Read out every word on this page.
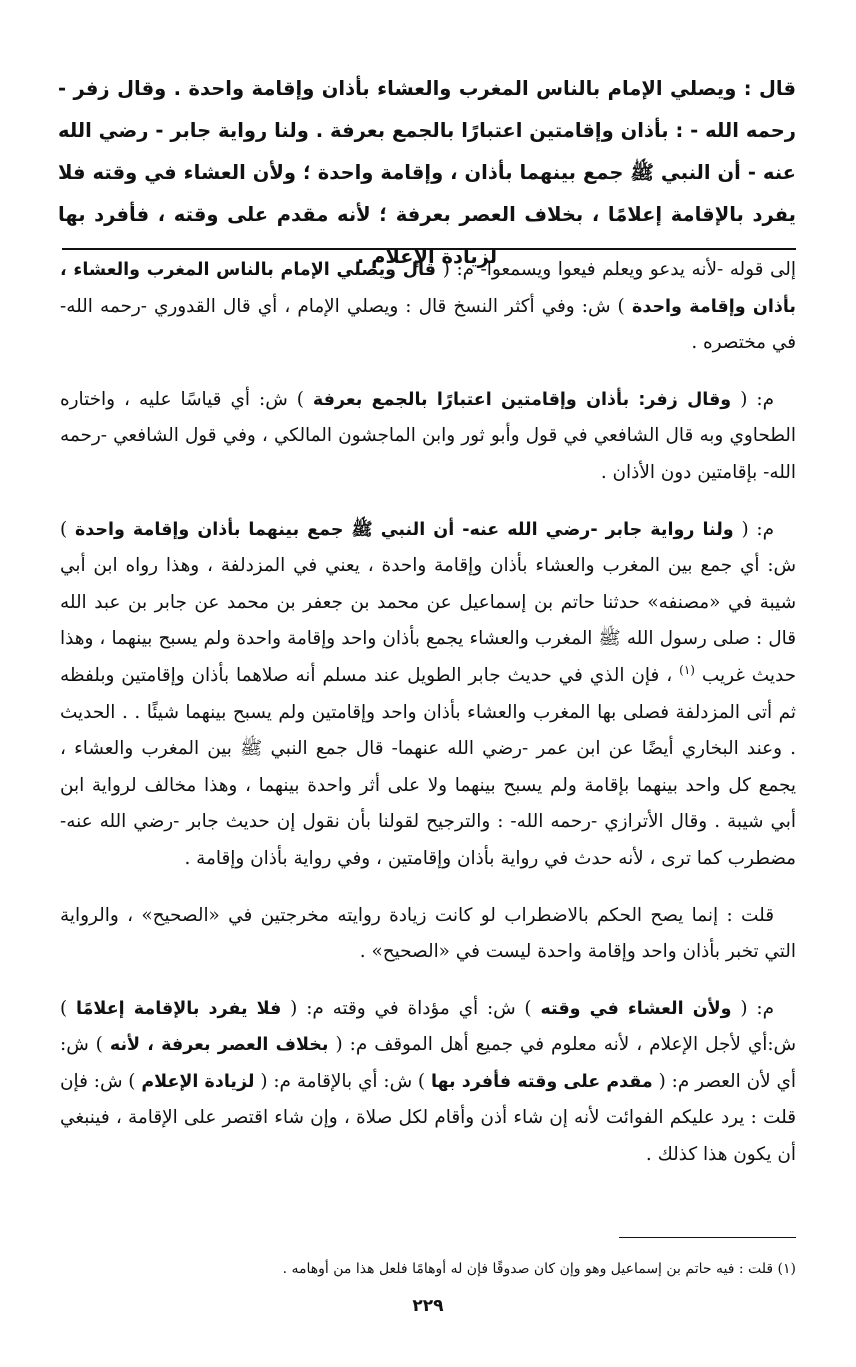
قال : ويصلي الإمام بالناس المغرب والعشاء بأذان وإقامة واحدة . وقال زفر - رحمه الله - : بأذان وإقامتين اعتبارًا بالجمع بعرفة . ولنا رواية جابر - رضي الله عنه - أن النبي ﷺ جمع بينهما بأذان ، وإقامة واحدة ؛ ولأن العشاء في وقته فلا يفرد بالإقامة إعلامًا ، بخلاف العصر بعرفة ؛ لأنه مقدم على وقته ، فأفرد بها لزيادة الإعلام .

إلى قوله -لأنه يدعو ويعلم فيعوا ويسمعوا- م: ( قال ويصلي الإمام بالناس المغرب والعشاء ، بأذان وإقامة واحدة ) ش: وفي أكثر النسخ قال : ويصلي الإمام ، أي قال القدوري -رحمه الله- في مختصره .

م: ( وقال زفر: بأذان وإقامتين اعتبارًا بالجمع بعرفة ) ش: أي قياسًا عليه ، واختاره الطحاوي وبه قال الشافعي في قول وأبو ثور وابن الماجشون المالكي ، وفي قول الشافعي -رحمه الله- بإقامتين دون الأذان .

م: ( ولنا رواية جابر -رضي الله عنه- أن النبي ﷺ جمع بينهما بأذان وإقامة واحدة ) ش: أي جمع بين المغرب والعشاء بأذان وإقامة واحدة ، يعني في المزدلفة ، وهذا رواه ابن أبي شيبة في «مصنفه» حدثنا حاتم بن إسماعيل عن محمد بن جعفر بن محمد عن جابر بن عبد الله قال : صلى رسول الله ﷺ المغرب والعشاء يجمع بأذان واحد وإقامة واحدة ولم يسبح بينهما ، وهذا حديث غريب $^{(١)}$ ، فإن الذي في حديث جابر الطويل عند مسلم أنه صلاهما بأذان وإقامتين وبلفظه ثم أتى المزدلفة فصلى بها المغرب والعشاء بأذان واحد وإقامتين ولم يسبح بينهما شيئًا . . الحديث . وعند البخاري أيضًا عن ابن عمر -رضي الله عنهما- قال جمع النبي ﷺ بين المغرب والعشاء ، يجمع كل واحد بينهما بإقامة ولم يسبح بينهما ولا على أثر واحدة بينهما ، وهذا مخالف لرواية ابن أبي شيبة . وقال الأترازي -رحمه الله- : والترجيح لقولنا بأن نقول إن حديث جابر -رضي الله عنه- مضطرب كما ترى ، لأنه حدث في رواية بأذان وإقامتين ، وفي رواية بأذان وإقامة .

قلت : إنما يصح الحكم بالاضطراب لو كانت زيادة روايته مخرجتين في «الصحيح» ، والرواية التي تخبر بأذان واحد وإقامة واحدة ليست في «الصحيح» .

م: ( ولأن العشاء في وقته ) ش: أي مؤداة في وقته م: ( فلا يفرد بالإقامة إعلامًا ) ش:أي لأجل الإعلام ، لأنه معلوم في جميع أهل الموقف م: ( بخلاف العصر بعرفة ، لأنه ) ش: أي لأن العصر م: ( مقدم على وقته فأفرد بها ) ش: أي بالإقامة م: ( لزيادة الإعلام ) ش: فإن قلت : يرد عليكم الفوائت لأنه إن شاء أذن وأقام لكل صلاة ، وإن شاء اقتصر على الإقامة ، فينبغي أن يكون هذا كذلك .

(١) قلت : فيه حاتم بن إسماعيل وهو وإن كان صدوقًا فإن له أوهامًا فلعل هذا من أوهامه .
٢٢٩
